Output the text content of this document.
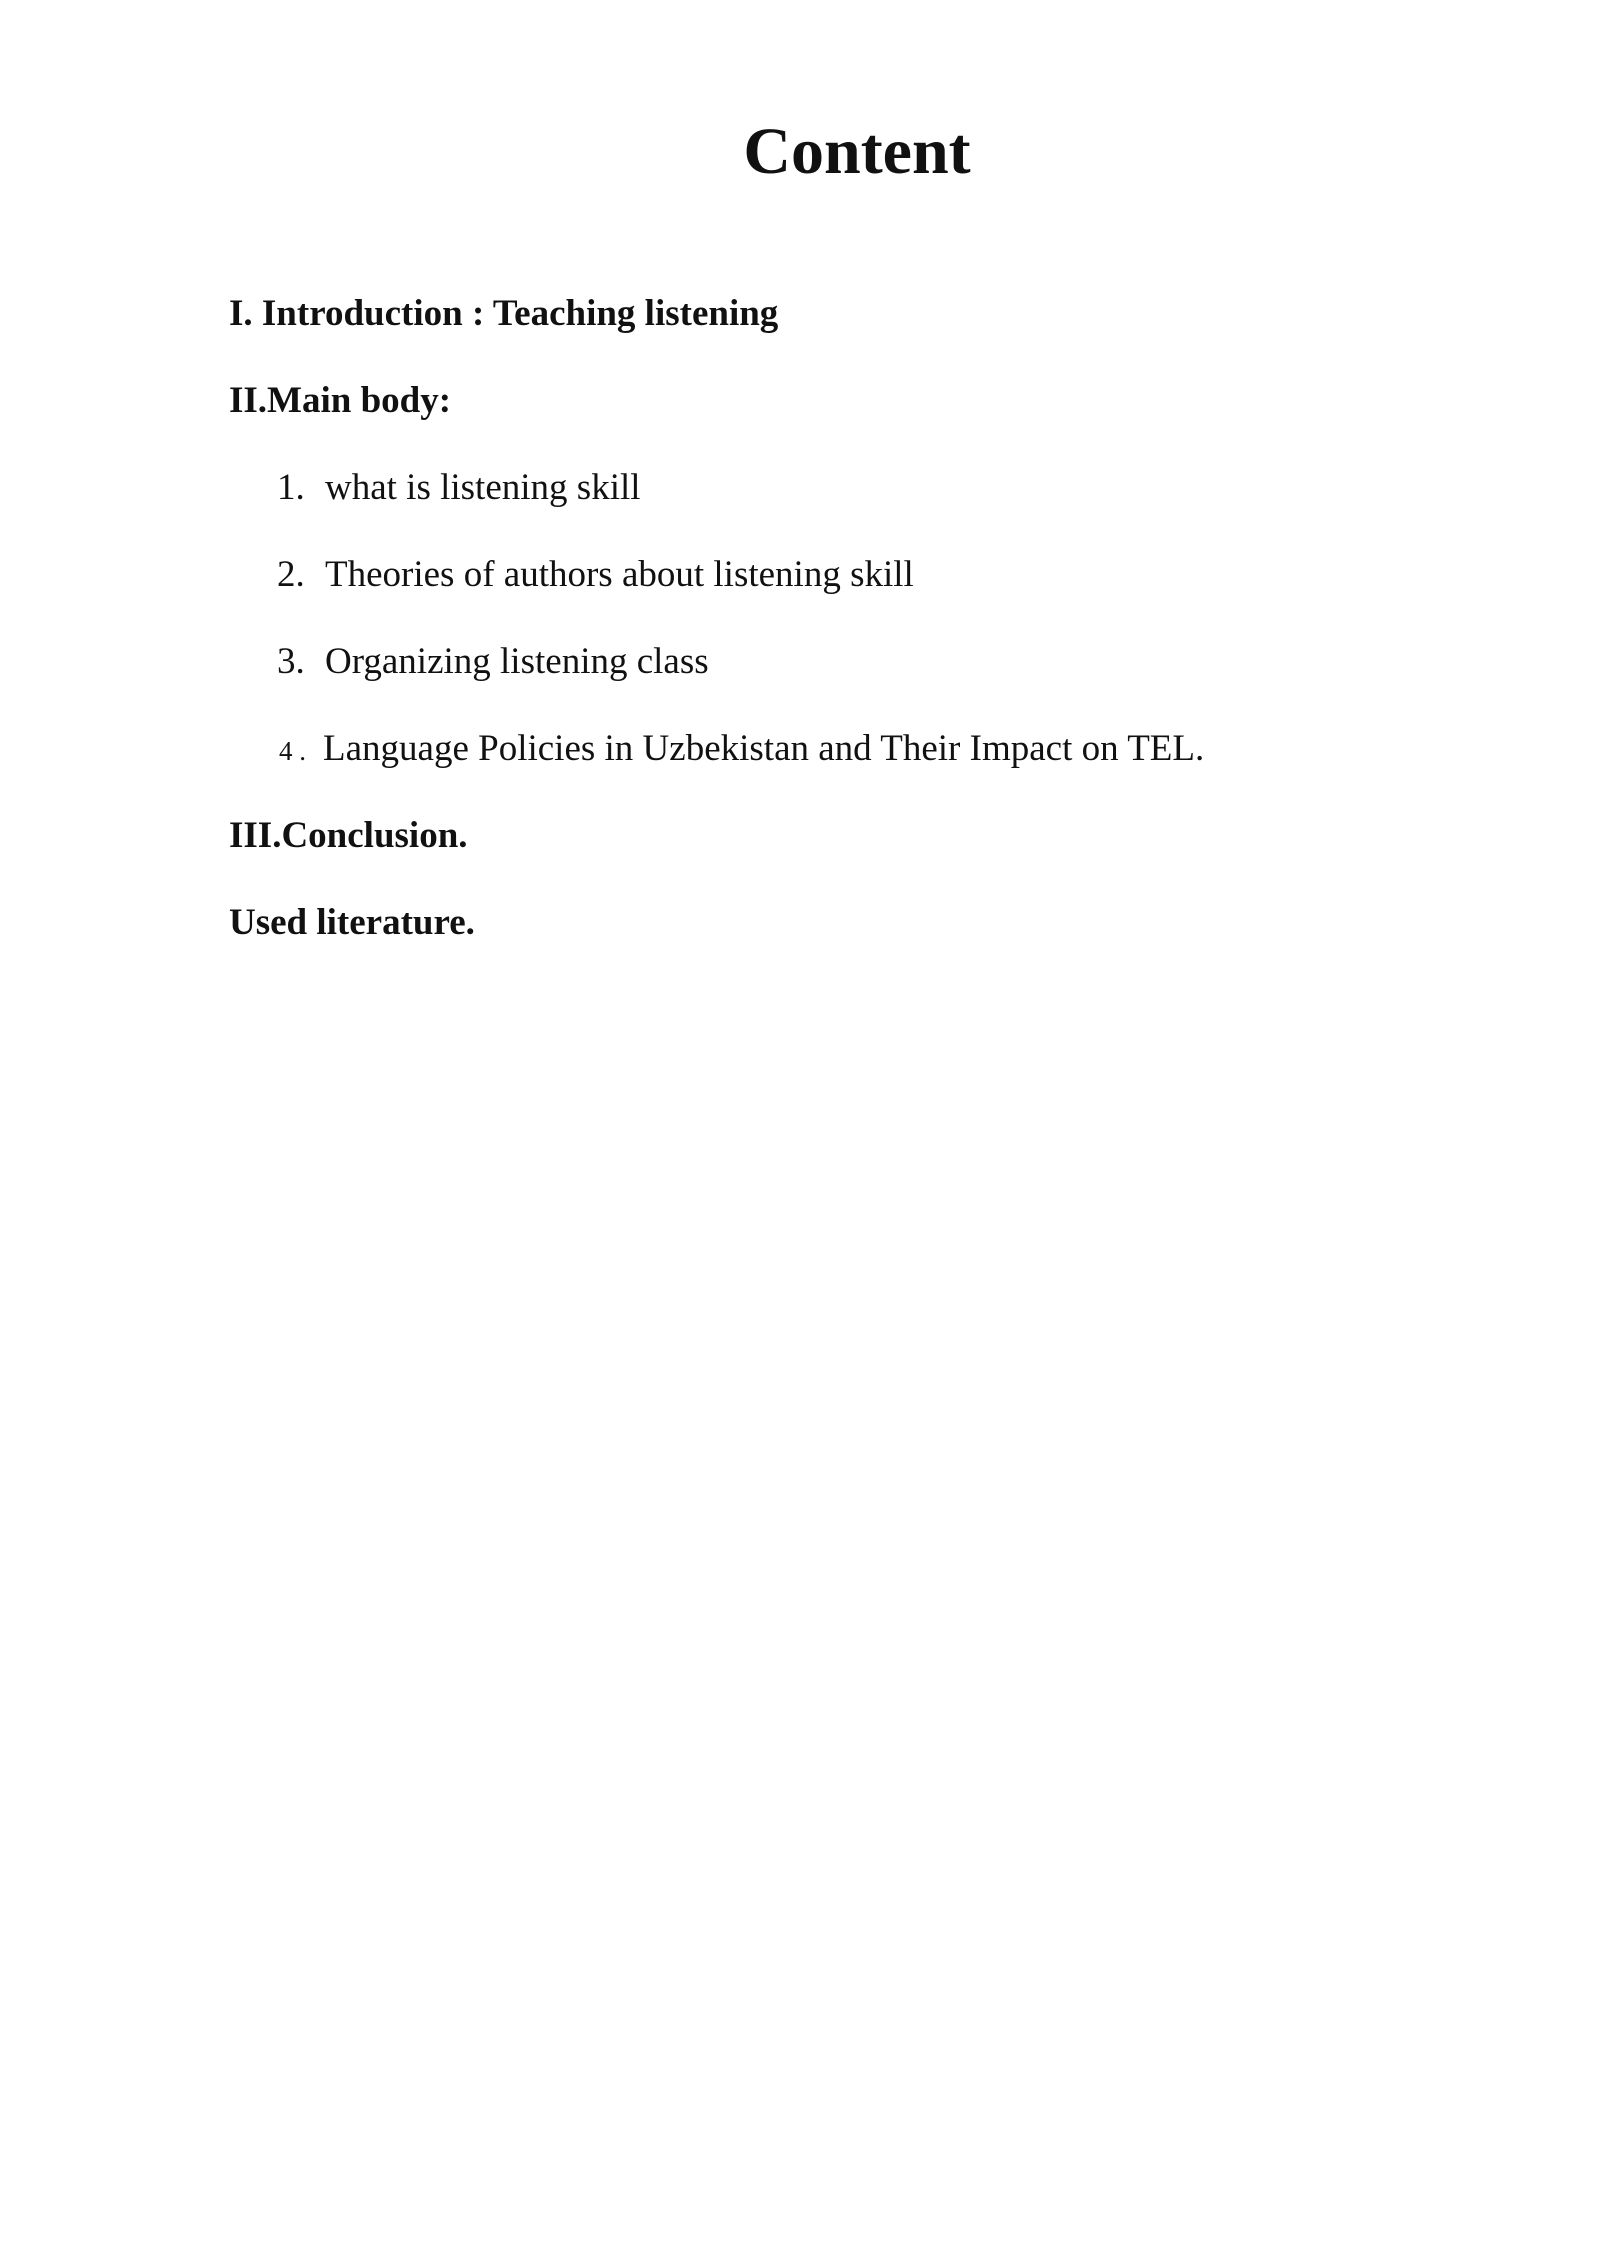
Content
I. Introduction : Teaching listening
II.Main body:
1. what is listening skill
2. Theories of authors about listening skill
3. Organizing listening class
4 . Language Policies in Uzbekistan and Their Impact on TEL.
III.Conclusion.
Used literature.
